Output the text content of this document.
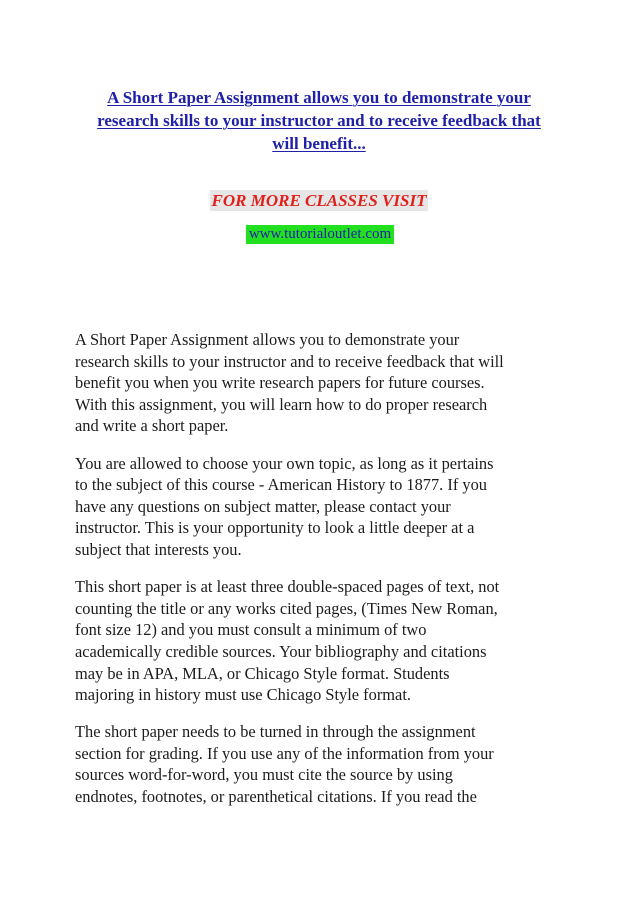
A Short Paper Assignment allows you to demonstrate your
research skills to your instructor and to receive feedback that
will benefit...
FOR MORE CLASSES VISIT
www.tutorialoutlet.com

A Short Paper Assignment allows you to demonstrate your
research skills to your instructor and to receive feedback that will
benefit you when you write research papers for future courses.
With this assignment, you will learn how to do proper research
and write a short paper.

You are allowed to choose your own topic, as long as it pertains
to the subject of this course - American History to 1877. If you
have any questions on subject matter, please contact your
instructor. This is your opportunity to look a little deeper at a
subject that interests you.

This short paper is at least three double-spaced pages of text, not
counting the title or any works cited pages, (Times New Roman,
font size 12) and you must consult a minimum of two
academically credible sources. Your bibliography and citations
may be in APA, MLA, or Chicago Style format. Students
majoring in history must use Chicago Style format.

The short paper needs to be turned in through the assignment
section for grading. If you use any of the information from your
sources word-for-word, you must cite the source by using
endnotes, footnotes, or parenthetical citations. If you read the
